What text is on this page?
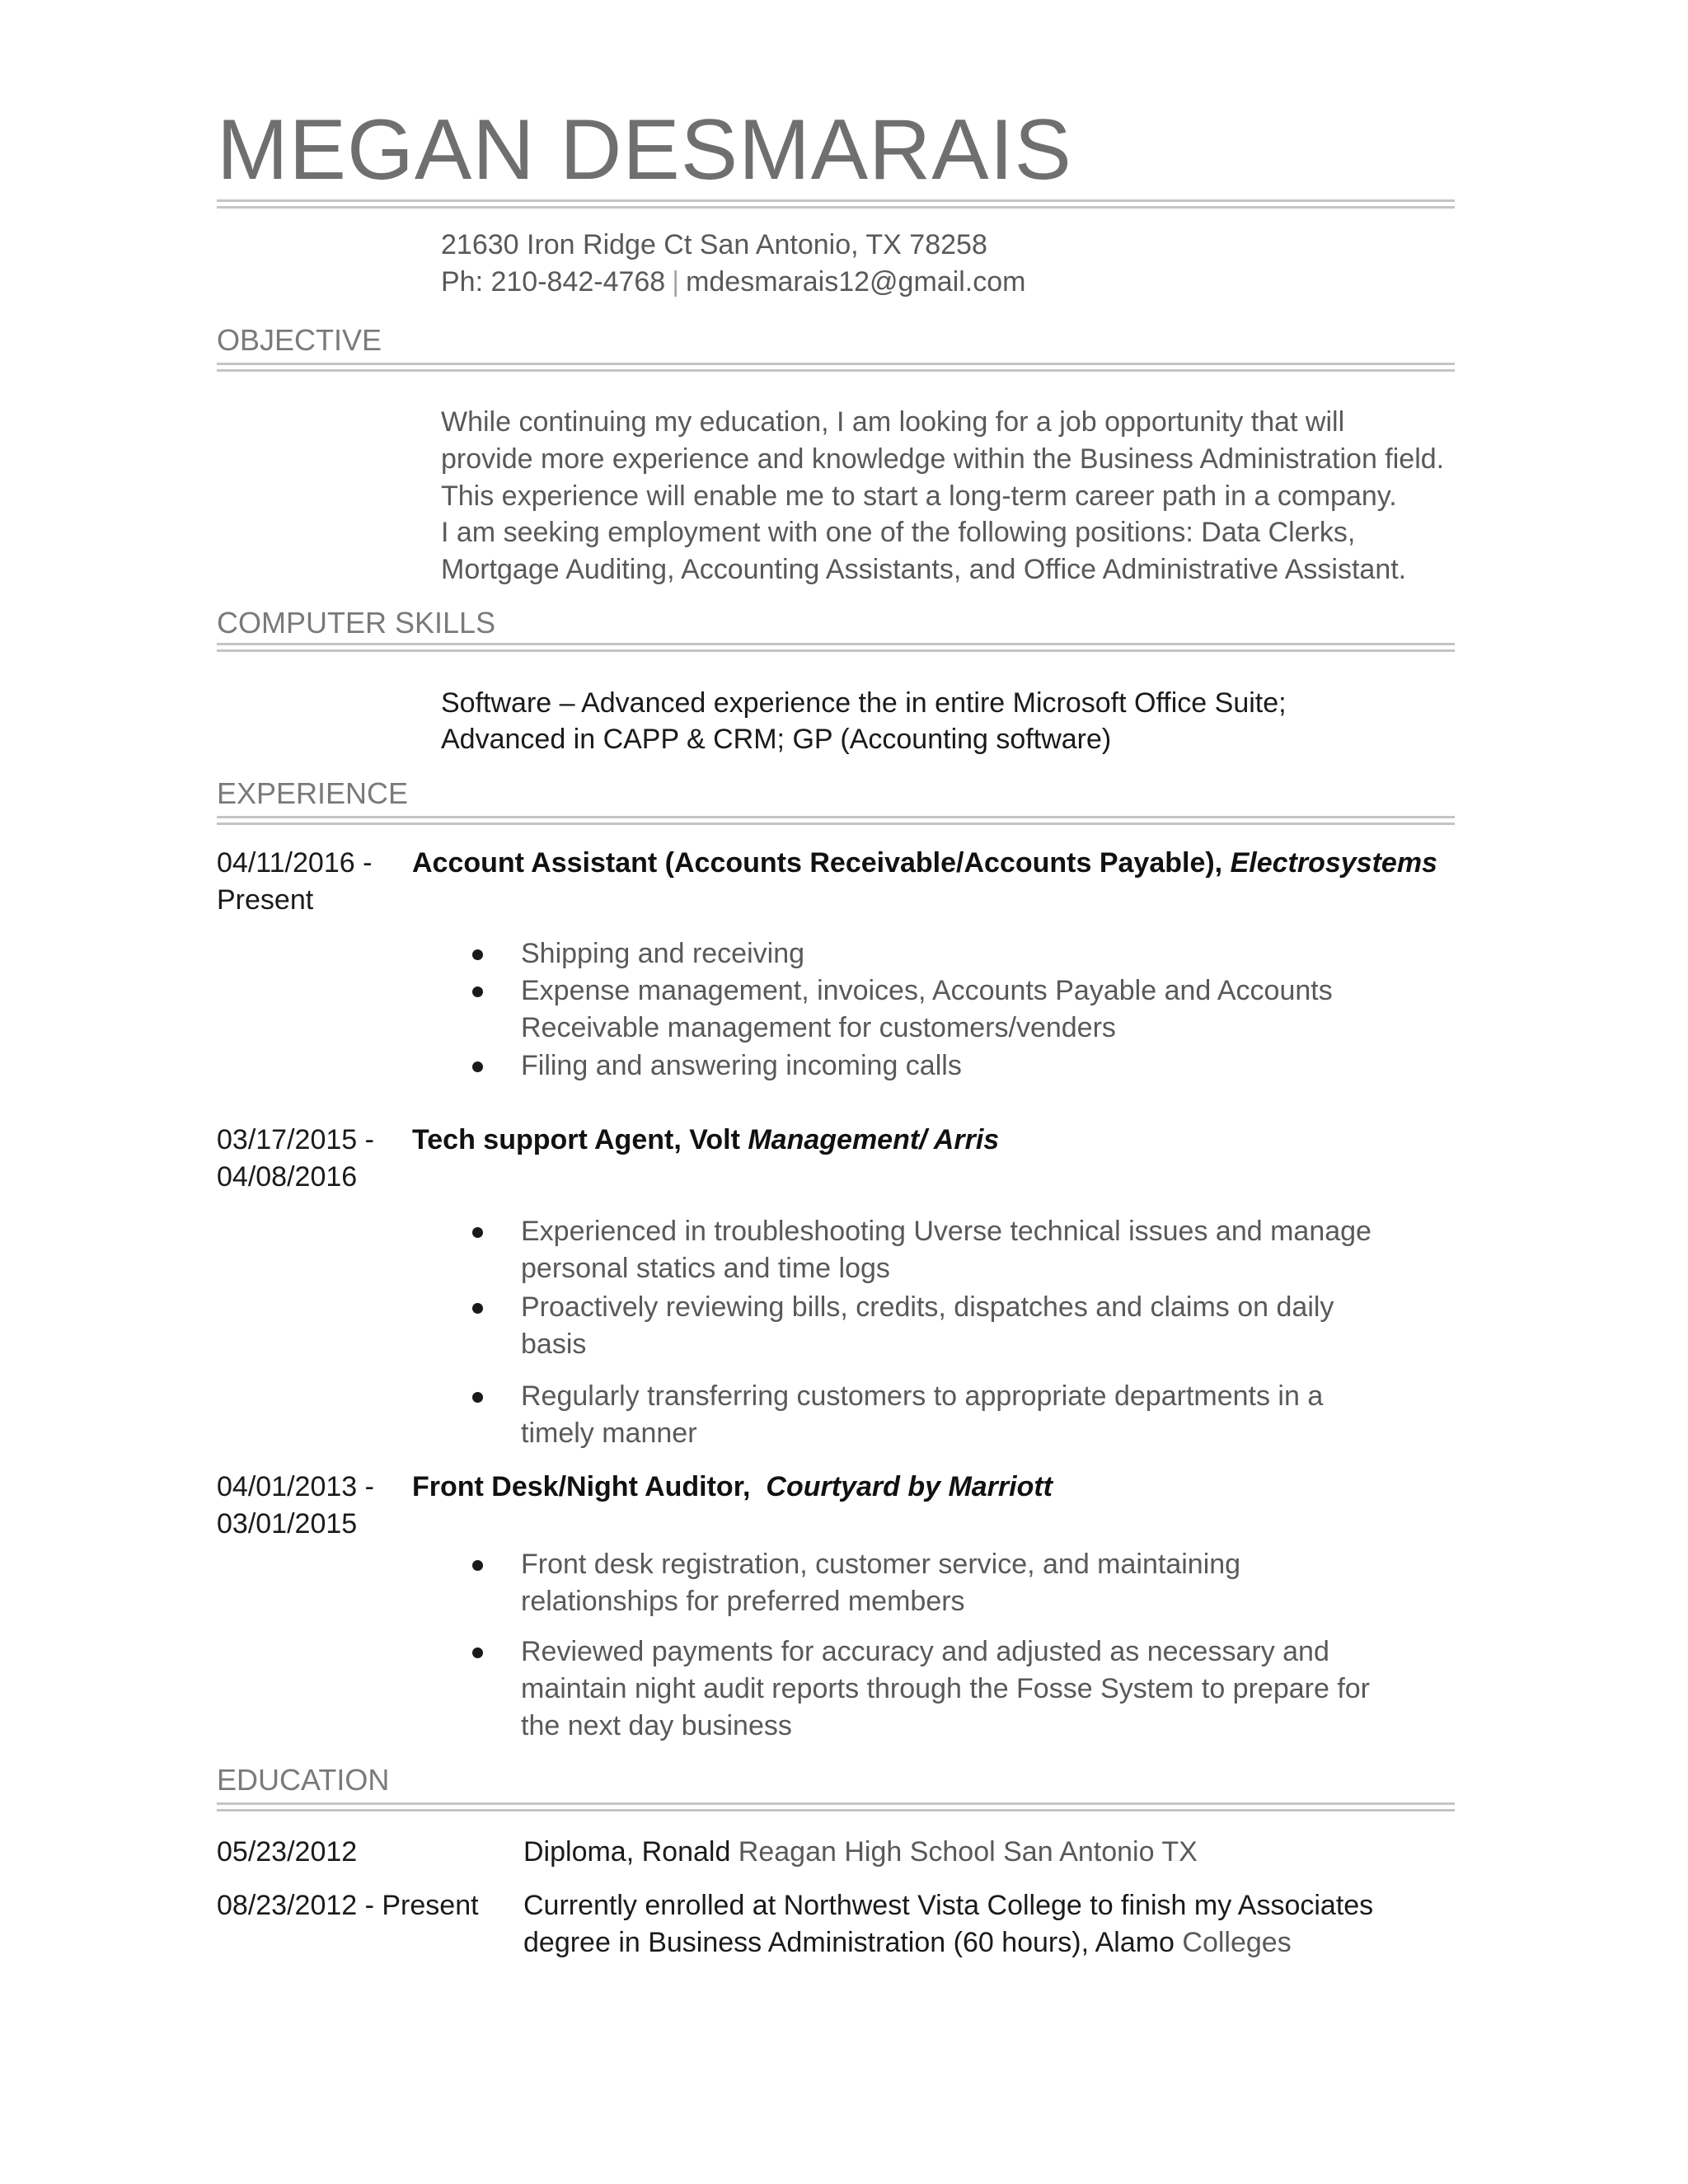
MEGAN DESMARAIS
21630 Iron Ridge Ct San Antonio, TX 78258
Ph: 210-842-4768 | mdesmarais12@gmail.com
OBJECTIVE
While continuing my education, I am looking for a job opportunity that will
provide more experience and knowledge within the Business Administration field.
This experience will enable me to start a long-term career path in a company.
I am seeking employment with one of the following positions: Data Clerks,
Mortgage Auditing, Accounting Assistants, and Office Administrative Assistant.
COMPUTER SKILLS
Software – Advanced experience the in entire Microsoft Office Suite;
Advanced in CAPP & CRM; GP (Accounting software)
EXPERIENCE
04/11/2016 -
Present
Account Assistant (Accounts Receivable/Accounts Payable), Electrosystems
Shipping and receiving
Expense management, invoices, Accounts Payable and Accounts
Receivable management for customers/venders
Filing and answering incoming calls
03/17/2015 -
04/08/2016
Tech support Agent, Volt Management/ Arris
Experienced in troubleshooting Uverse technical issues and manage
personal statics and time logs
Proactively reviewing bills, credits, dispatches and claims on daily
basis
Regularly transferring customers to appropriate departments in a
timely manner
04/01/2013 -
03/01/2015
Front Desk/Night Auditor, Courtyard by Marriott
Front desk registration, customer service, and maintaining
relationships for preferred members
Reviewed payments for accuracy and adjusted as necessary and
maintain night audit reports through the Fosse System to prepare for
the next day business
EDUCATION
05/23/2012	Diploma, Ronald Reagan High School San Antonio TX
08/23/2012 - Present Currently enrolled at Northwest Vista College to finish my Associates
degree in Business Administration (60 hours), Alamo Colleges
